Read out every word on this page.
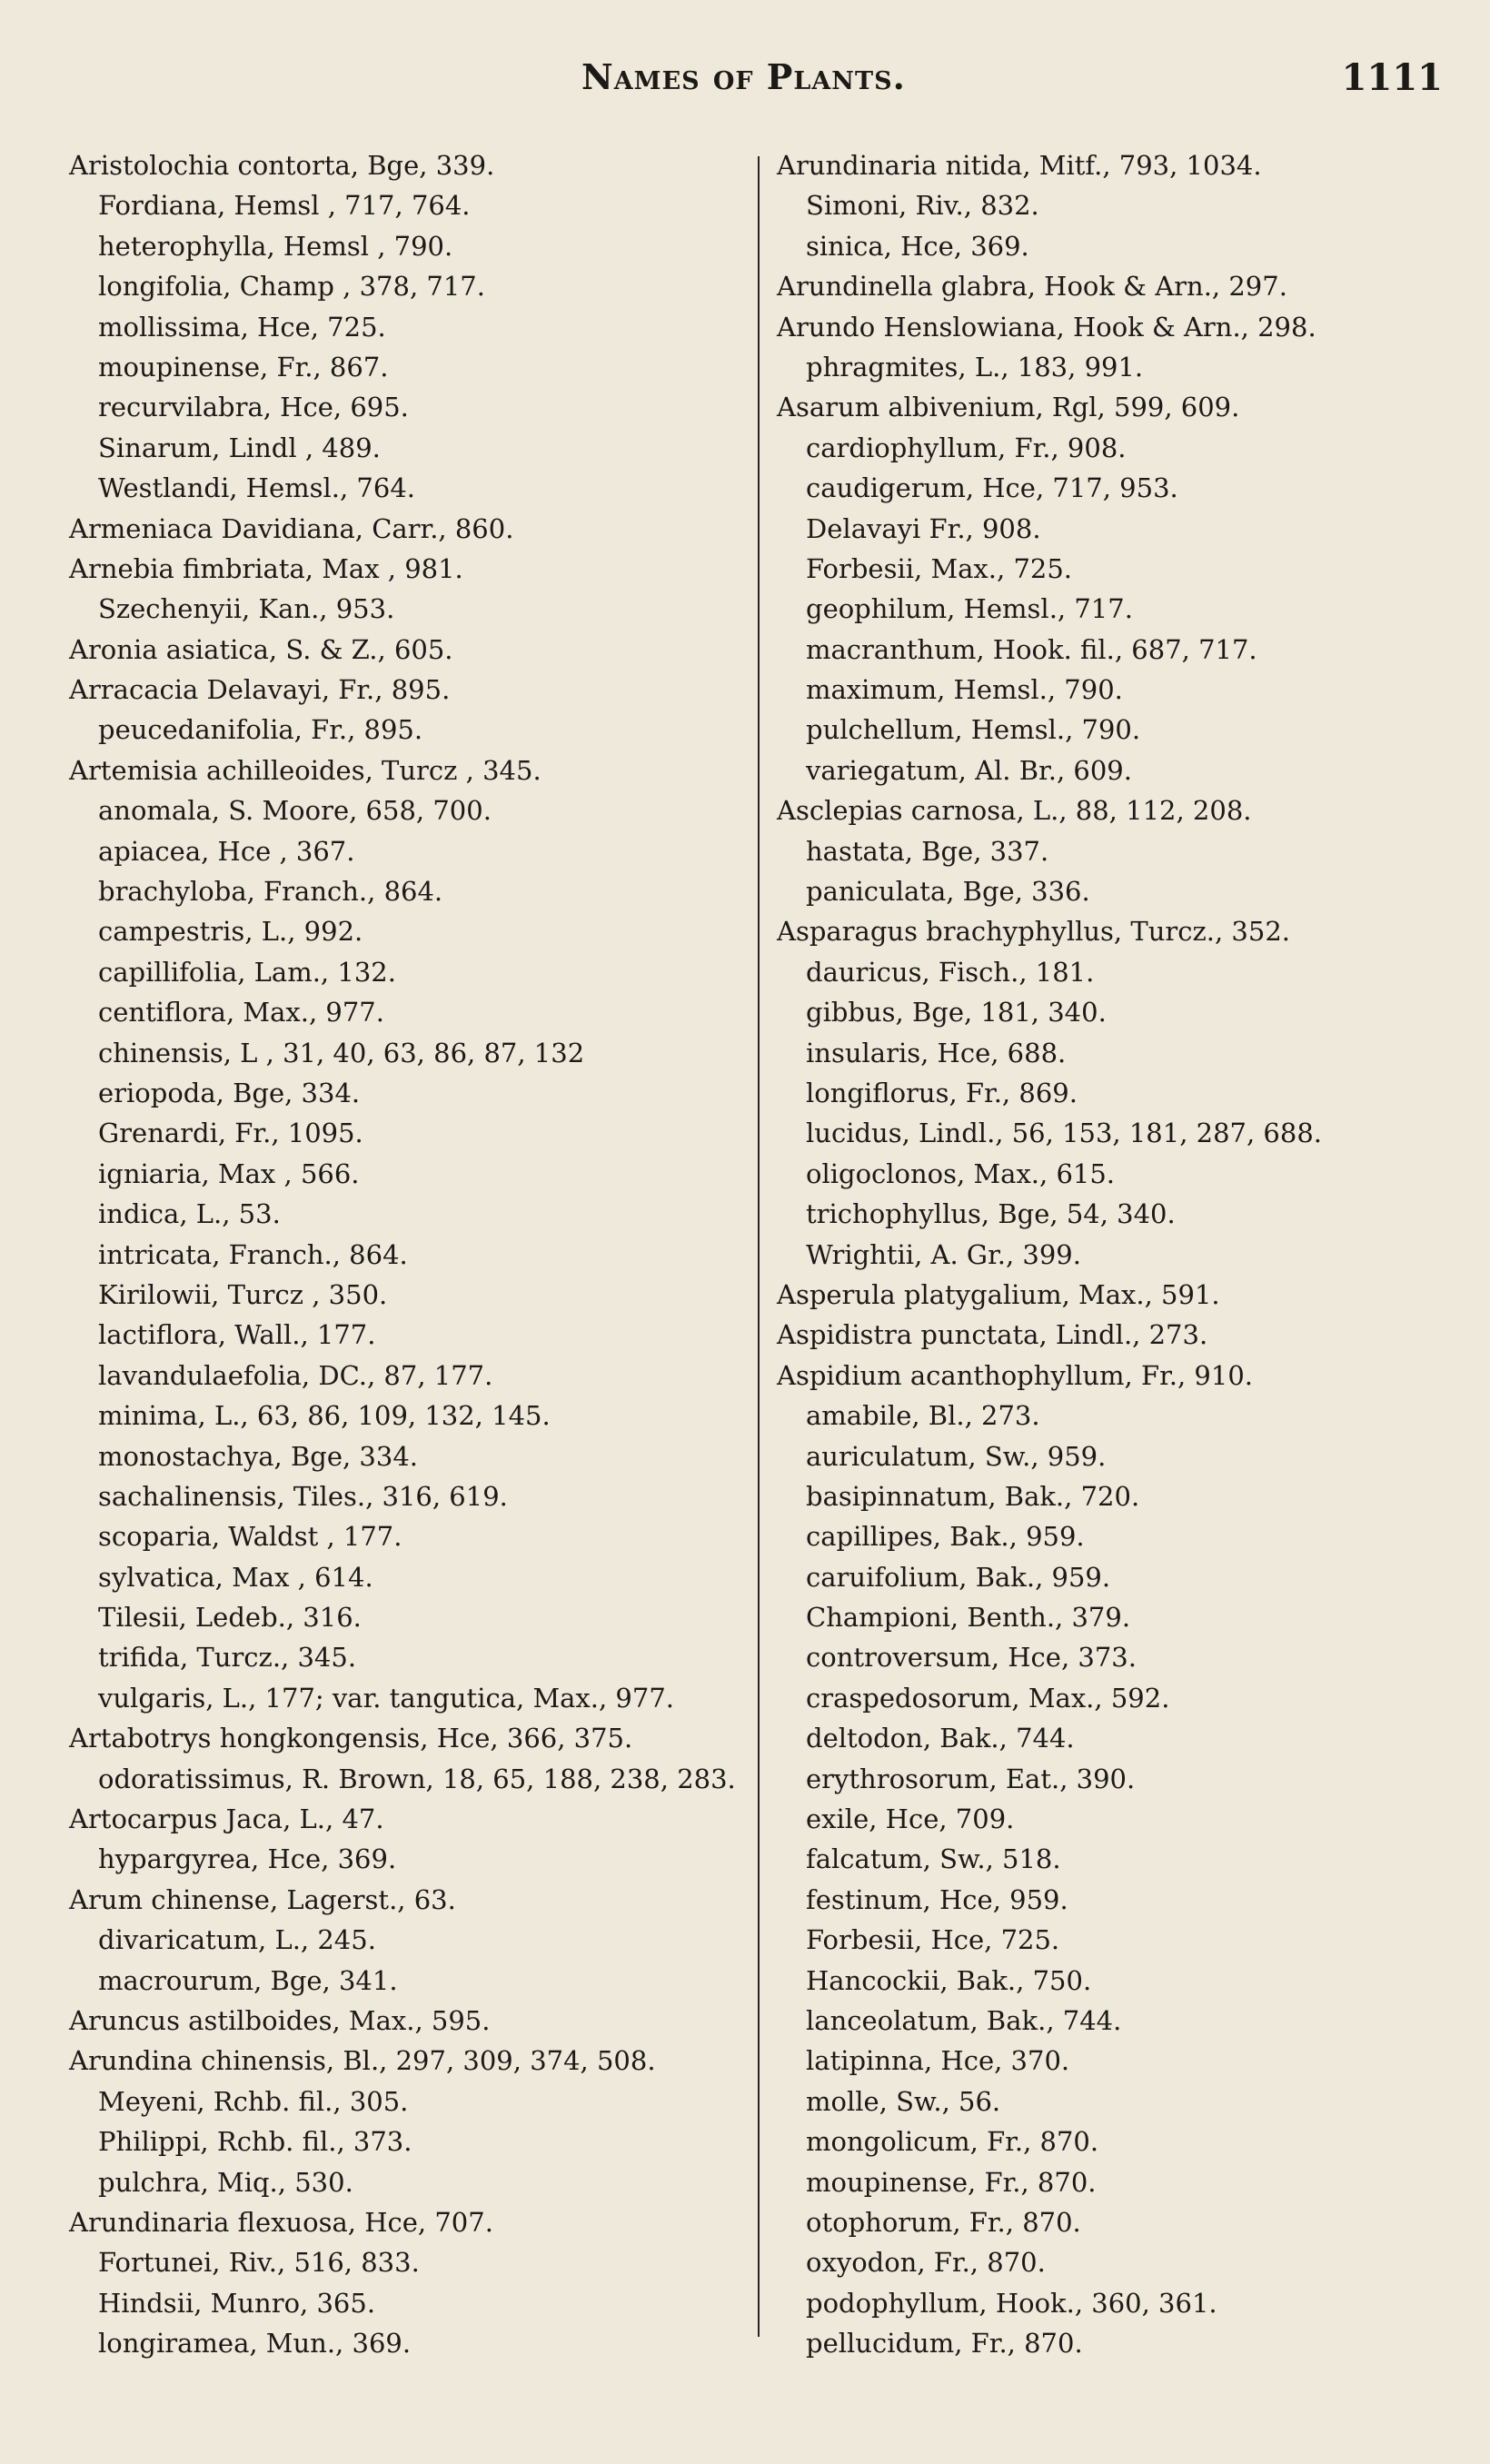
Names of Plants.	1111
Aristolochia contorta, Bge, 339.
Fordiana, Hemsl , 717, 764.
heterophylla, Hemsl , 790.
longifolia, Champ , 378, 717.
mollissima, Hce, 725.
moupinense, Fr., 867.
recurvilabra, Hce, 695.
Sinarum, Lindl , 489.
Westlandi, Hemsl., 764.
Armeniaca Davidiana, Carr., 860.
Arnebia fimbriata, Max , 981.
Szechenyii, Kan., 953.
Aronia asiatica, S. & Z., 605.
Arracacia Delavayi, Fr., 895.
peucedanifolia, Fr., 895.
Artemisia achilleoides, Turcz , 345.
anomala, S. Moore, 658, 700.
apiacea, Hce , 367.
brachyloba, Franch., 864.
campestris, L., 992.
capillifolia, Lam., 132.
centiflora, Max., 977.
chinensis, L , 31, 40, 63, 86, 87, 132
eriopoda, Bge, 334.
Grenardi, Fr., 1095.
igniaria, Max , 566.
indica, L., 53.
intricata, Franch., 864.
Kirilowii, Turcz , 350.
lactiflora, Wall., 177.
lavandulaefolia, DC., 87, 177.
minima, L., 63, 86, 109, 132, 145.
monostachya, Bge, 334.
sachalinensis, Tiles., 316, 619.
scoparia, Waldst , 177.
sylvatica, Max , 614.
Tilesii, Ledeb., 316.
trifida, Turcz., 345.
vulgaris, L., 177; var. tangutica, Max., 977.
Artabotrys hongkongensis, Hce, 366, 375.
odoratissimus, R. Brown, 18, 65, 188, 238, 283.
Artocarpus Jaca, L., 47.
hypargyrea, Hce, 369.
Arum chinense, Lagerst., 63.
divaricatum, L., 245.
macrourum, Bge, 341.
Aruncus astilboides, Max., 595.
Arundina chinensis, Bl., 297, 309, 374, 508.
Meyeni, Rchb. fil., 305.
Philippi, Rchb. fil., 373.
pulchra, Miq., 530.
Arundinaria flexuosa, Hce, 707.
Fortunei, Riv., 516, 833.
Hindsii, Munro, 365.
longiramea, Mun., 369.
Arundinaria nitida, Mitf., 793, 1034.
Simoni, Riv., 832.
sinica, Hce, 369.
Arundinella glabra, Hook & Arn., 297.
Arundo Henslowiana, Hook & Arn., 298.
phragmites, L., 183, 991.
Asarum albivenium, Rgl, 599, 609.
cardiophyllum, Fr., 908.
caudigerum, Hce, 717, 953.
Delavayi Fr., 908.
Forbesii, Max., 725.
geophilum, Hemsl., 717.
macranthum, Hook. fil., 687, 717.
maximum, Hemsl., 790.
pulchellum, Hemsl., 790.
variegatum, Al. Br., 609.
Asclepias carnosa, L., 88, 112, 208.
hastata, Bge, 337.
paniculata, Bge, 336.
Asparagus brachyphyllus, Turcz., 352.
dauricus, Fisch., 181.
gibbus, Bge, 181, 340.
insularis, Hce, 688.
longiflorus, Fr., 869.
lucidus, Lindl., 56, 153, 181, 287, 688.
oligoclonos, Max., 615.
trichophyllus, Bge, 54, 340.
Wrightii, A. Gr., 399.
Asperula platygalium, Max., 591.
Aspidistra punctata, Lindl., 273.
Aspidium acanthophyllum, Fr., 910.
amabile, Bl., 273.
auriculatum, Sw., 959.
basipinnatum, Bak., 720.
capillipes, Bak., 959.
caruifolium, Bak., 959.
Championi, Benth., 379.
controversum, Hce, 373.
craspedosorum, Max., 592.
deltodon, Bak., 744.
erythrosorum, Eat., 390.
exile, Hce, 709.
falcatum, Sw., 518.
festinum, Hce, 959.
Forbesii, Hce, 725.
Hancockii, Bak., 750.
lanceolatum, Bak., 744.
latipinna, Hce, 370.
molle, Sw., 56.
mongolicum, Fr., 870.
moupinense, Fr., 870.
otophorum, Fr., 870.
oxyodon, Fr., 870.
podophyllum, Hook., 360, 361.
pellucidum, Fr., 870.
